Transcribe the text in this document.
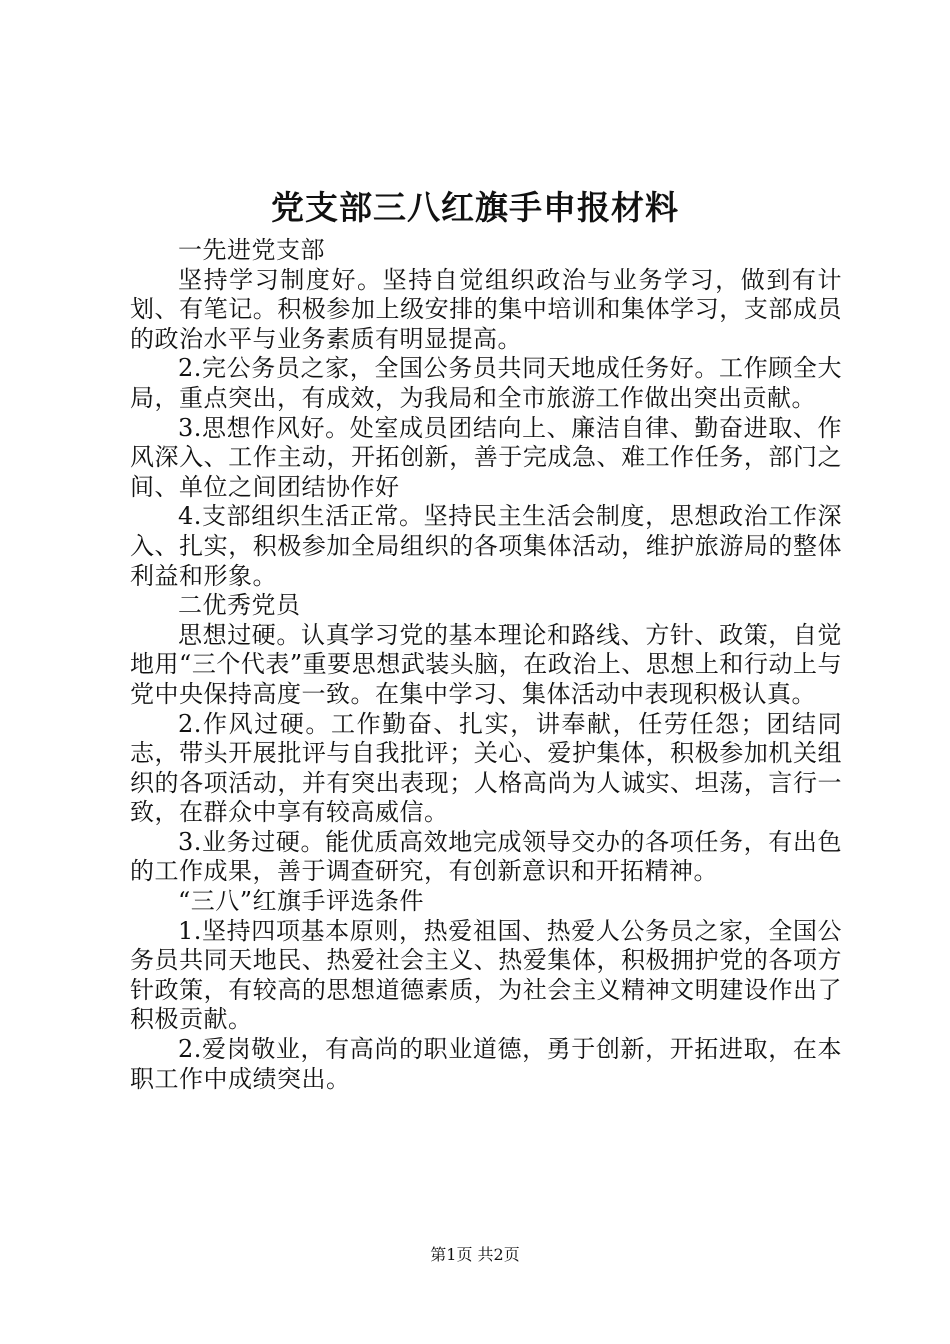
党支部三八红旗手申报材料

一先进党支部

坚持学习制度好。坚持自觉组织政治与业务学习，做到有计划、有笔记。积极参加上级安排的集中培训和集体学习，支部成员的政治水平与业务素质有明显提高。

2.完公务员之家，全国公务员共同天地成任务好。工作顾全大局，重点突出，有成效，为我局和全市旅游工作做出突出贡献。

3.思想作风好。处室成员团结向上、廉洁自律、勤奋进取、作风深入、工作主动，开拓创新，善于完成急、难工作任务，部门之间、单位之间团结协作好

4.支部组织生活正常。坚持民主生活会制度，思想政治工作深入、扎实，积极参加全局组织的各项集体活动，维护旅游局的整体利益和形象。

二优秀党员

思想过硬。认真学习党的基本理论和路线、方针、政策，自觉地用“三个代表”重要思想武装头脑，在政治上、思想上和行动上与党中央保持高度一致。在集中学习、集体活动中表现积极认真。

2.作风过硬。工作勤奋、扎实，讲奉献，任劳任怨；团结同志，带头开展批评与自我批评；关心、爱护集体，积极参加机关组织的各项活动，并有突出表现；人格高尚为人诚实、坦荡，言行一致，在群众中享有较高威信。

3.业务过硬。能优质高效地完成领导交办的各项任务，有出色的工作成果，善于调查研究，有创新意识和开拓精神。

“三八”红旗手评选条件

1.坚持四项基本原则，热爱祖国、热爱人公务员之家，全国公务员共同天地民、热爱社会主义、热爱集体，积极拥护党的各项方针政策，有较高的思想道德素质，为社会主义精神文明建设作出了积极贡献。

2.爱岗敬业，有高尚的职业道德，勇于创新，开拓进取，在本职工作中成绩突出。

第1页 共2页
